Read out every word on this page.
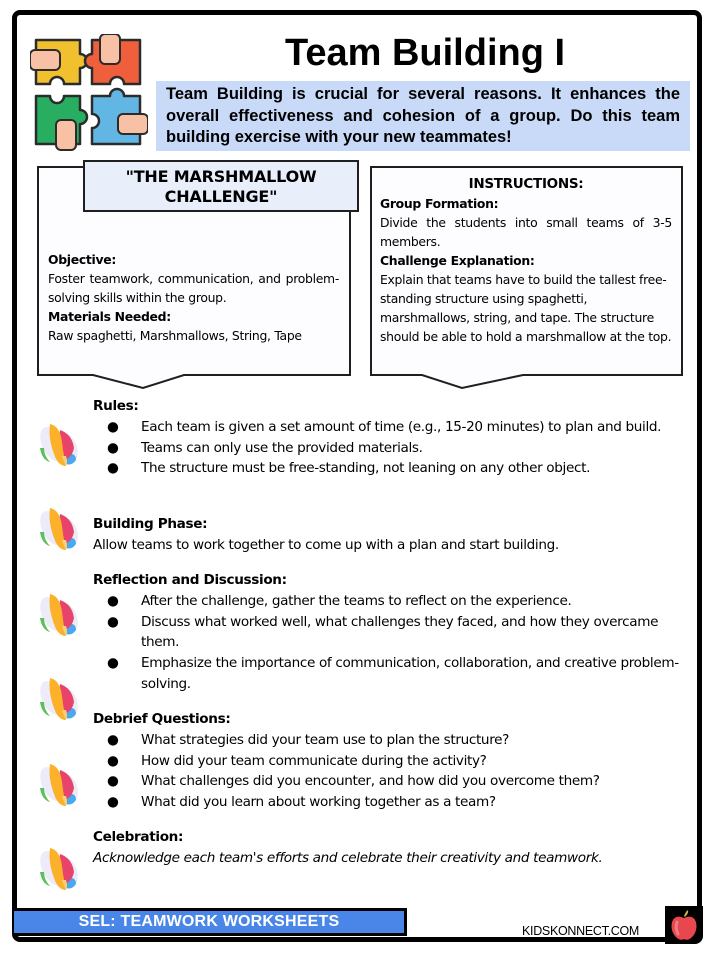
Team Building I
Team Building is crucial for several reasons. It enhances the overall effectiveness and cohesion of a group. Do this team building exercise with your new teammates!
Objective:
Foster teamwork, communication, and problem-solving skills within the group.
Materials Needed:
Raw spaghetti, Marshmallows, String, Tape
"THE MARSHMALLOW CHALLENGE"
INSTRUCTIONS:
Group Formation:
Divide the students into small teams of 3-5 members.
Challenge Explanation:
Explain that teams have to build the tallest free-standing structure using spaghetti, marshmallows, string, and tape. The structure should be able to hold a marshmallow at the top.
Rules:
● Each team is given a set amount of time (e.g., 15-20 minutes) to plan and build.
● Teams can only use the provided materials.
● The structure must be free-standing, not leaning on any other object.
Building Phase:
Allow teams to work together to come up with a plan and start building.
Reflection and Discussion:
● After the challenge, gather the teams to reflect on the experience.
● Discuss what worked well, what challenges they faced, and how they overcame them.
● Emphasize the importance of communication, collaboration, and creative problem-solving.
Debrief Questions:
● What strategies did your team use to plan the structure?
● How did your team communicate during the activity?
● What challenges did you encounter, and how did you overcome them?
● What did you learn about working together as a team?
Celebration:
Acknowledge each team's efforts and celebrate their creativity and teamwork.
SEL: TEAMWORK WORKSHEETS
KIDSKONNECT.COM
